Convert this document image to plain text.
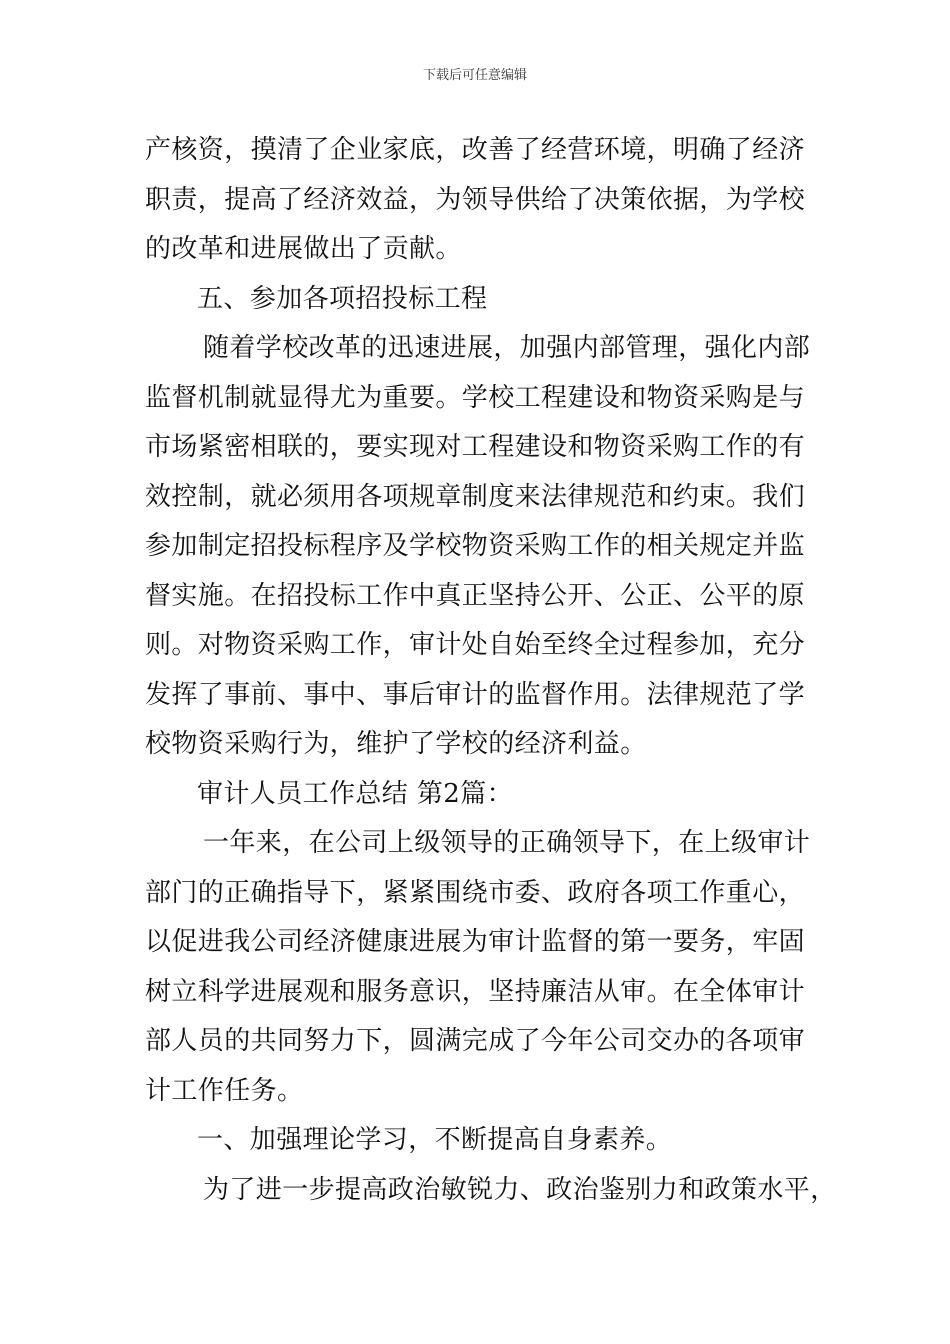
下载后可任意编辑
产核资，摸清了企业家底，改善了经营环境，明确了经济
职责，提高了经济效益，为领导供给了决策依据，为学校
的改革和进展做出了贡献。
五、参加各项招投标工程
随着学校改革的迅速进展，加强内部管理，强化内部
监督机制就显得尤为重要。学校工程建设和物资采购是与
市场紧密相联的，要实现对工程建设和物资采购工作的有
效控制，就必须用各项规章制度来法律规范和约束。我们
参加制定招投标程序及学校物资采购工作的相关规定并监
督实施。在招投标工作中真正坚持公开、公正、公平的原
则。对物资采购工作，审计处自始至终全过程参加，充分
发挥了事前、事中、事后审计的监督作用。法律规范了学
校物资采购行为，维护了学校的经济利益。
审计人员工作总结 第2篇：
一年来，在公司上级领导的正确领导下，在上级审计
部门的正确指导下，紧紧围绕市委、政府各项工作重心，
以促进我公司经济健康进展为审计监督的第一要务，牢固
树立科学进展观和服务意识，坚持廉洁从审。在全体审计
部人员的共同努力下，圆满完成了今年公司交办的各项审
计工作任务。
一、加强理论学习，不断提高自身素养。
为了进一步提高政治敏锐力、政治鉴别力和政策水平，
